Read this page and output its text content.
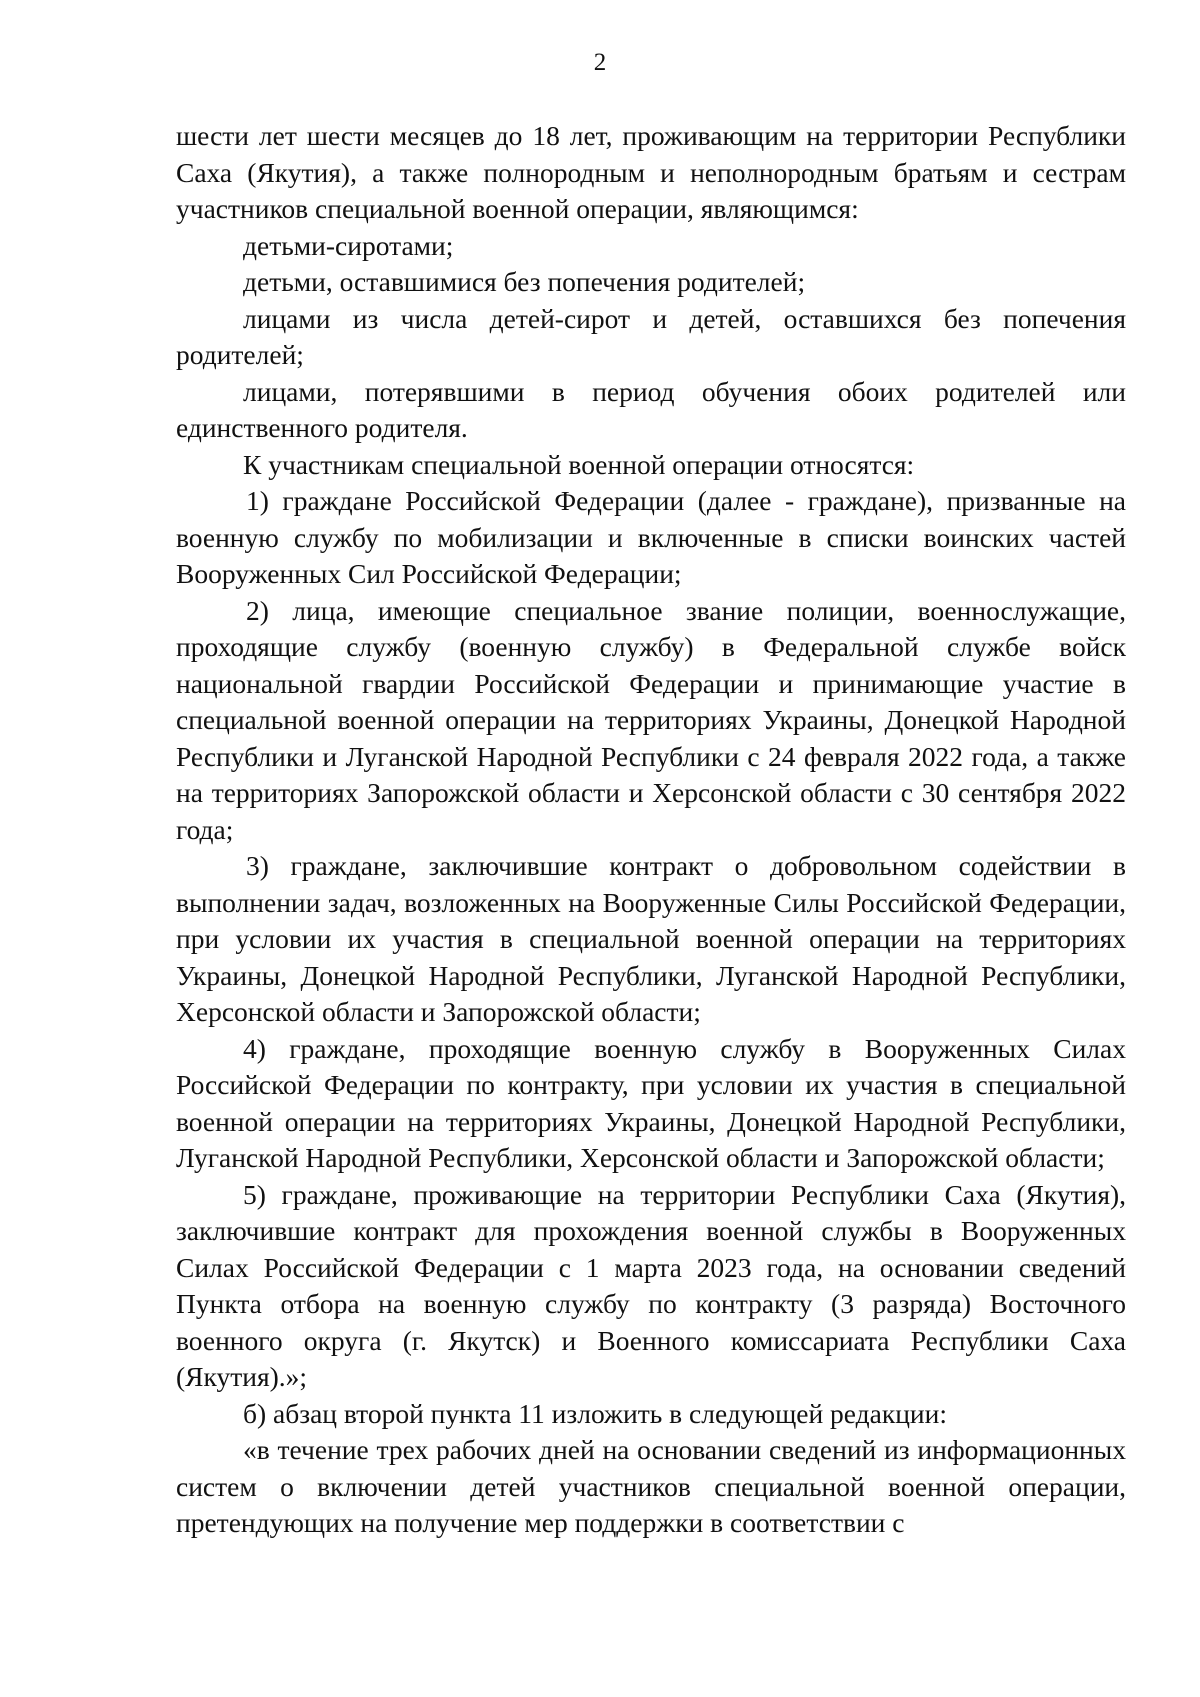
2

шести лет шести месяцев до 18 лет, проживающим на территории Республики Саха (Якутия), а также полнородным и неполнородным братьям и сестрам участников специальной военной операции, являющимся:

детьми-сиротами;

детьми, оставшимися без попечения родителей;

лицами из числа детей-сирот и детей, оставшихся без попечения родителей;

лицами, потерявшими в период обучения обоих родителей или единственного родителя.

К участникам специальной военной операции относятся:

1) граждане Российской Федерации (далее - граждане), призванные на военную службу по мобилизации и включенные в списки воинских частей Вооруженных Сил Российской Федерации;

2) лица, имеющие специальное звание полиции, военнослужащие, проходящие службу (военную службу) в Федеральной службе войск национальной гвардии Российской Федерации и принимающие участие в специальной военной операции на территориях Украины, Донецкой Народной Республики и Луганской Народной Республики с 24 февраля 2022 года, а также на территориях Запорожской области и Херсонской области с 30 сентября 2022 года;

3) граждане, заключившие контракт о добровольном содействии в выполнении задач, возложенных на Вооруженные Силы Российской Федерации, при условии их участия в специальной военной операции на территориях Украины, Донецкой Народной Республики, Луганской Народной Республики, Херсонской области и Запорожской области;

4) граждане, проходящие военную службу в Вооруженных Силах Российской Федерации по контракту, при условии их участия в специальной военной операции на территориях Украины, Донецкой Народной Республики, Луганской Народной Республики, Херсонской области и Запорожской области;

5) граждане, проживающие на территории Республики Саха (Якутия), заключившие контракт для прохождения военной службы в Вооруженных Силах Российской Федерации с 1 марта 2023 года, на основании сведений Пункта отбора на военную службу по контракту (3 разряда) Восточного военного округа (г. Якутск) и Военного комиссариата Республики Саха (Якутия).»;

б) абзац второй пункта 11 изложить в следующей редакции:

«в течение трех рабочих дней на основании сведений из информационных систем о включении детей участников специальной военной операции, претендующих на получение мер поддержки в соответствии с
